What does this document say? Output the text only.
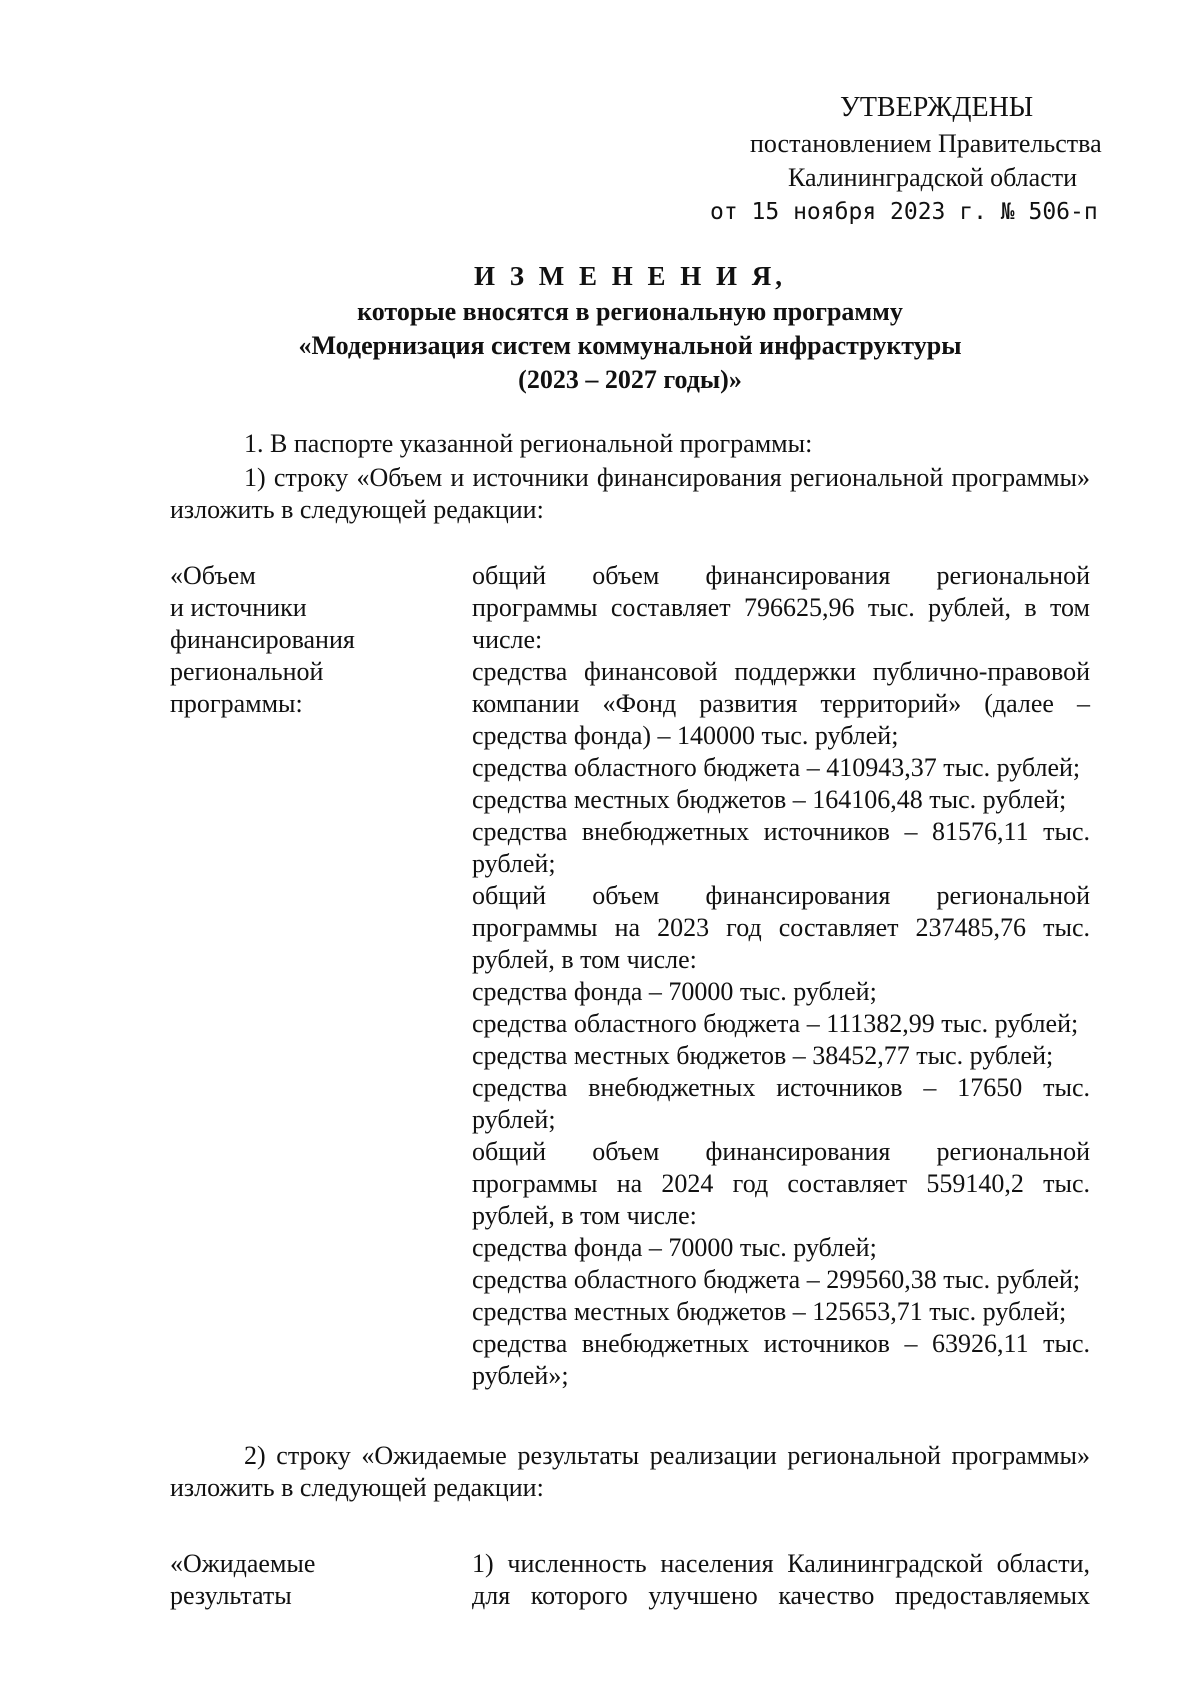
УТВЕРЖДЕНЫ
постановлением Правительства
Калининградской области
от 15 ноября 2023 г. № 506-п
И З М Е Н Е Н И Я,
которые вносятся в региональную программу
«Модернизация систем коммунальной инфраструктуры
(2023 – 2027 годы)»
1. В паспорте указанной региональной программы:
1) строку «Объем и источники финансирования региональной программы» изложить в следующей редакции:
«Объем
и источники
финансирования
региональной
программы:
общий объем финансирования региональной программы составляет 796625,96 тыс. рублей, в том числе:
средства финансовой поддержки публично-правовой компании «Фонд развития территорий» (далее – средства фонда) – 140000 тыс. рублей;
средства областного бюджета – 410943,37 тыс. рублей;
средства местных бюджетов – 164106,48 тыс. рублей;
средства внебюджетных источников – 81576,11 тыс. рублей;
общий объем финансирования региональной программы на 2023 год составляет 237485,76 тыс. рублей, в том числе:
средства фонда – 70000 тыс. рублей;
средства областного бюджета – 111382,99 тыс. рублей;
средства местных бюджетов – 38452,77 тыс. рублей;
средства внебюджетных источников – 17650 тыс. рублей;
общий объем финансирования региональной программы на 2024 год составляет 559140,2 тыс. рублей, в том числе:
средства фонда – 70000 тыс. рублей;
средства областного бюджета – 299560,38 тыс. рублей;
средства местных бюджетов – 125653,71 тыс. рублей;
средства внебюджетных источников – 63926,11 тыс. рублей»;
2) строку «Ожидаемые результаты реализации региональной программы» изложить в следующей редакции:
«Ожидаемые
результаты
1) численность населения Калининградской области, для которого улучшено качество предоставляемых
